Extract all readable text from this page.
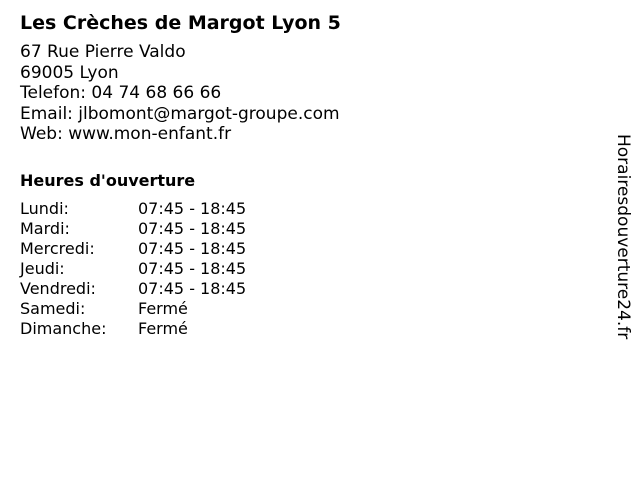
Les Crèches de Margot Lyon 5
67 Rue Pierre Valdo
69005 Lyon
Telefon: 04 74 68 66 66
Email: jlbomont@margot-groupe.com
Web: www.mon-enfant.fr
Heures d'ouverture
Lundi:	07:45 - 18:45
Mardi:	07:45 - 18:45
Mercredi:	07:45 - 18:45
Jeudi:	07:45 - 18:45
Vendredi:	07:45 - 18:45
Samedi:	Fermé
Dimanche:	Fermé	Horairesdouverture24.fr
